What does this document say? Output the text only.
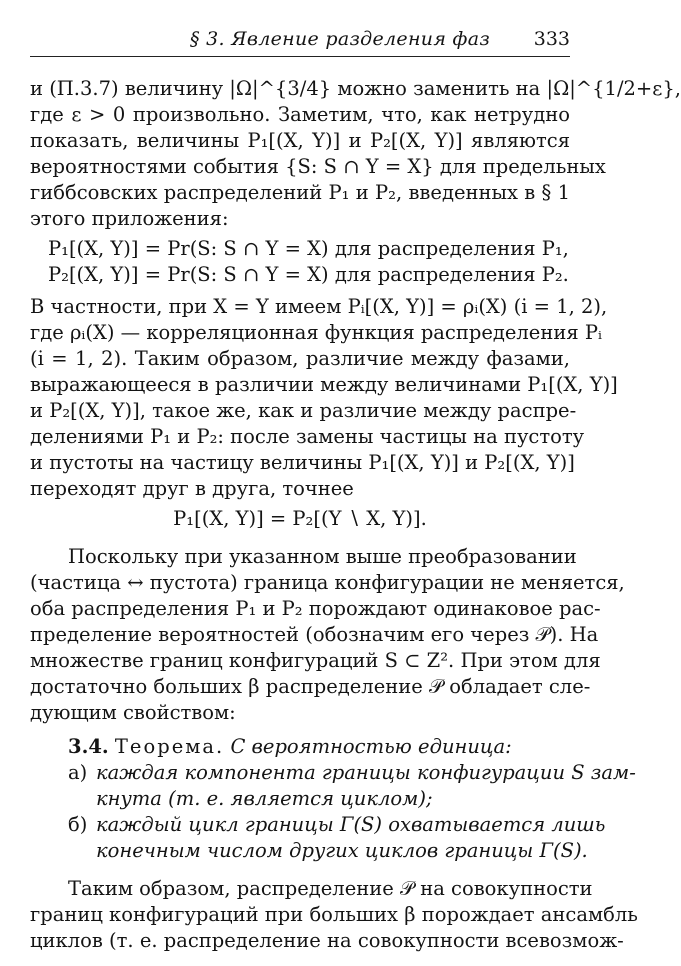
§ 3. Явление разделения фаз 333
и (П.3.7) величину |Ω|^{3/4} можно заменить на |Ω|^{1/2+ε},
где ε > 0 произвольно. Заметим, что, как нетрудно
показать, величины P₁[(X, Y)] и P₂[(X, Y)] являются
вероятностями события {S: S ∩ Y = X} для предельных
гиббсовских распределений P₁ и P₂, введенных в § 1
этого приложения:
P₁[(X, Y)] = Pr(S: S ∩ Y = X) для распределения P₁,
P₂[(X, Y)] = Pr(S: S ∩ Y = X) для распределения P₂.
В частности, при X = Y имеем Pᵢ[(X, Y)] = ρᵢ(X) (i = 1, 2),
где ρᵢ(X) — корреляционная функция распределения Pᵢ
(i = 1, 2). Таким образом, различие между фазами,
выражающееся в различии между величинами P₁[(X, Y)]
и P₂[(X, Y)], такое же, как и различие между распре-
делениями P₁ и P₂: после замены частицы на пустоту
и пустоты на частицу величины P₁[(X, Y)] и P₂[(X, Y)]
переходят друг в друга, точнее
P₁[(X, Y)] = P₂[(Y ∖ X, Y)].
Поскольку при указанном выше преобразовании
(частица ↔ пустота) граница конфигурации не меняется,
оба распределения P₁ и P₂ порождают одинаковое рас-
пределение вероятностей (обозначим его через 𝒫). На
множестве границ конфигураций S ⊂ Z². При этом для
достаточно больших β распределение 𝒫 обладает сле-
дующим свойством:
3.4. Теорема. С вероятностью единица:
а) каждая компонента границы конфигурации S зам-
кнута (т. е. является циклом);
б) каждый цикл границы Γ(S) охватывается лишь
конечным числом других циклов границы Γ(S).
Таким образом, распределение 𝒫 на совокупности
границ конфигураций при больших β порождает ансамбль
циклов (т. е. распределение на совокупности всевозмож-
